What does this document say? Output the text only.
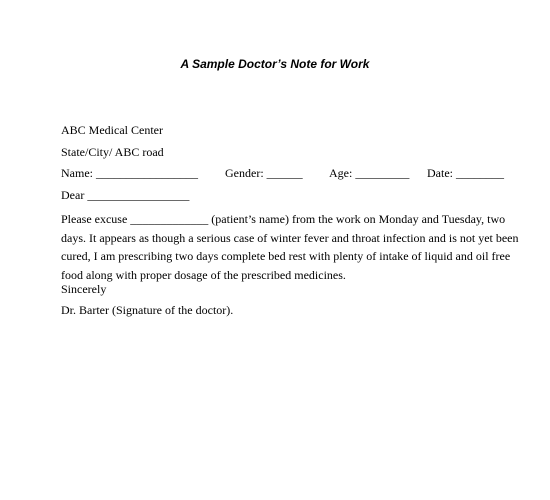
A Sample Doctor’s Note for Work
ABC Medical Center
State/City/ ABC road
Name: _________________ Gender: ______ Age: _________ Date: ________
Dear _________________
Please excuse _____________ (patient’s name) from the work on Monday and Tuesday, two
days. It appears as though a serious case of winter fever and throat infection and is not yet been
cured, I am prescribing two days complete bed rest with plenty of intake of liquid and oil free
food along with proper dosage of the prescribed medicines.
Sincerely
Dr. Barter (Signature of the doctor).
